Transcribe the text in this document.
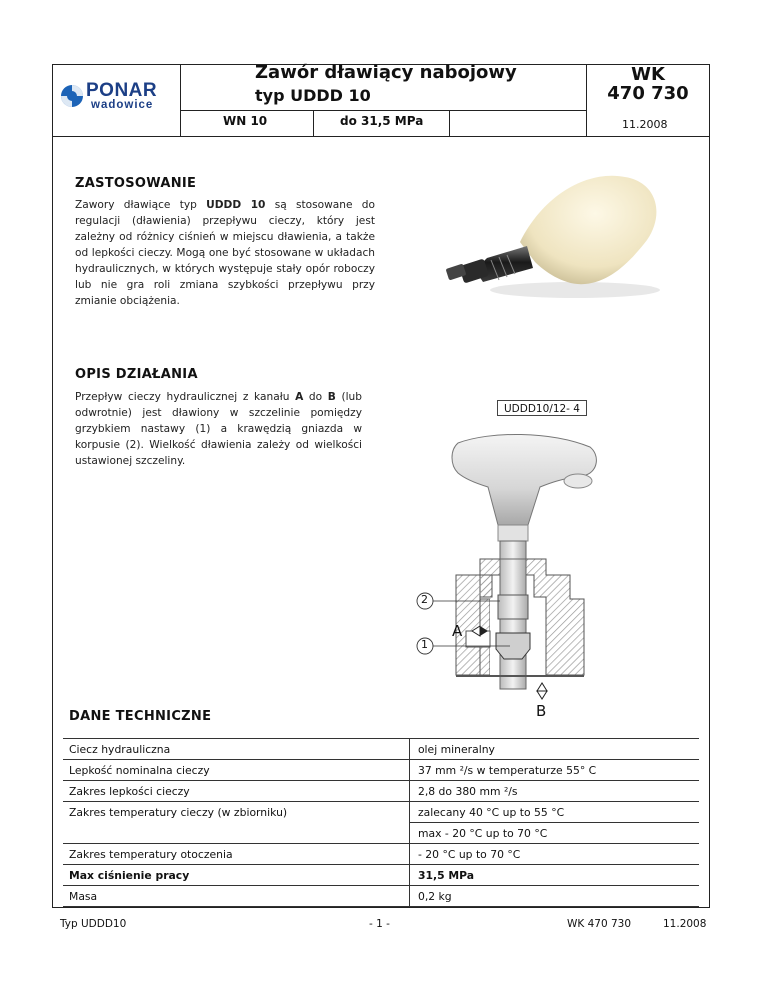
PONAR
wadowice
Zawór dławiący nabojowy
typ UDDD 10
WK
470 730
WN 10	do 31,5 MPa	11.2008
ZASTOSOWANIE
Zawory dławiące typ UDDD 10 są stosowane do regulacji (dławienia) przepływu cieczy, który jest zależny od różnicy ciśnień w miejscu dławienia, a także od lepkości cieczy. Mogą one być stosowane w układach hydraulicznych, w których występuje stały opór roboczy lub nie gra roli zmiana szybkości przepływu przy zmianie obciążenia.
OPIS DZIAŁANIA
Przepływ cieczy hydraulicznej z kanału A do B (lub odwrotnie) jest dławiony w szczelinie pomiędzy grzybkiem nastawy (1) a krawędzią gniazda w korpusie (2). Wielkość dławienia zależy od wielkości ustawionej szczeliny.
UDDD10/12- 4
2
1
A
B
DANE TECHNICZNE
Ciecz hydrauliczna	olej mineralny
Lepkość nominalna cieczy	37 mm ²/s w temperaturze 55° C
Zakres lepkości cieczy	2,8 do 380 mm ²/s
Zakres temperatury cieczy (w zbiorniku)	zalecany 40 °C up to 55 °C
	max - 20 °C up to 70 °C
Zakres temperatury otoczenia	- 20 °C up to 70 °C
Max ciśnienie pracy	31,5 MPa
Masa	0,2 kg
Typ UDDD10	- 1 -	WK 470 730	11.2008
